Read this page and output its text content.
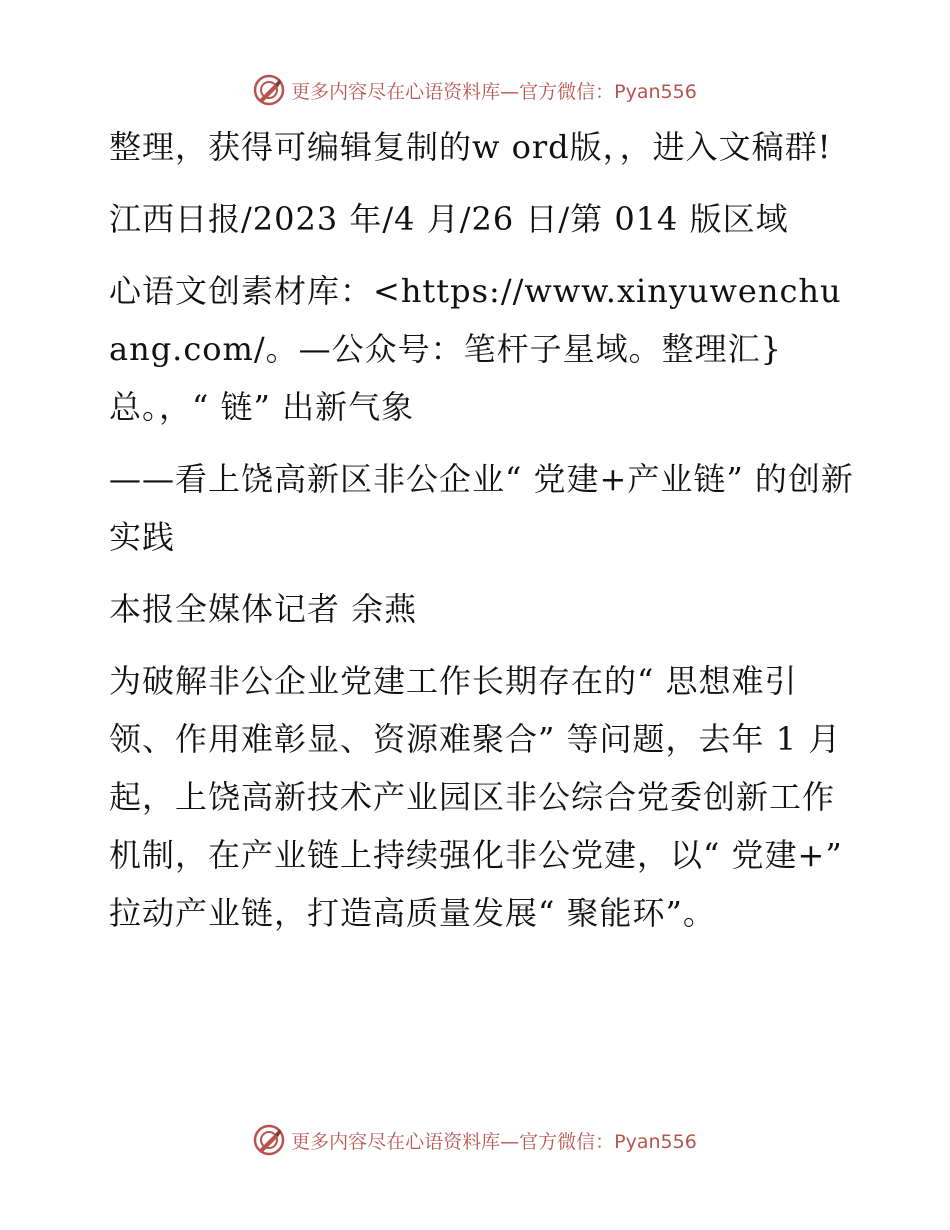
更多内容尽在心语资料库—官方微信：Pyan556

整理，获得可编辑复制的w ord版，，进入文稿群!

江西日报/2023 年/4 月/26 日/第 014 版区域

心语文创素材库：<https://www.xinyuwenchuang.com/。—公众号：笔杆子星域。整理汇}总。，“ 链” 出新气象

——看上饶高新区非公企业“ 党建+产业链” 的创新实践

本报全媒体记者 余燕

为破解非公企业党建工作长期存在的“ 思想难引领、作用难彰显、资源难聚合” 等问题，去年 1 月起，上饶高新技术产业园区非公综合党委创新工作机制，在产业链上持续强化非公党建，以“ 党建+” 拉动产业链，打造高质量发展“ 聚能环”。

更多内容尽在心语资料库—官方微信：Pyan556
